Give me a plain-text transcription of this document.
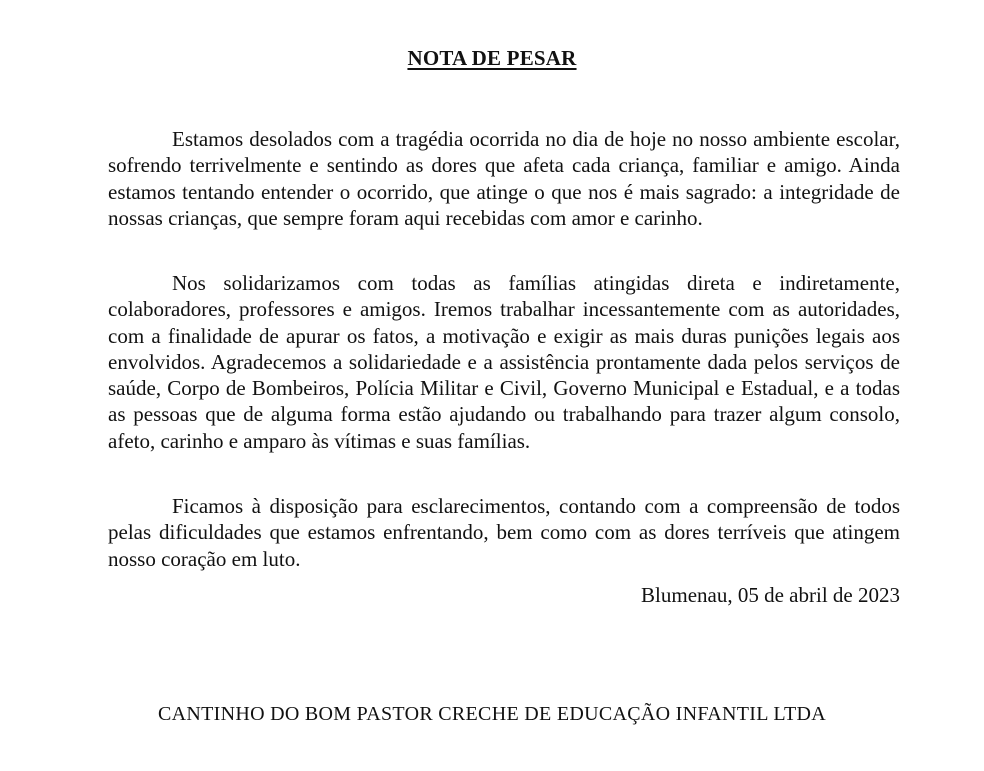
NOTA DE PESAR

Estamos desolados com a tragédia ocorrida no dia de hoje no nosso ambiente escolar, sofrendo terrivelmente e sentindo as dores que afeta cada criança, familiar e amigo. Ainda estamos tentando entender o ocorrido, que atinge o que nos é mais sagrado: a integridade de nossas crianças, que sempre foram aqui recebidas com amor e carinho.

Nos solidarizamos com todas as famílias atingidas direta e indiretamente, colaboradores, professores e amigos. Iremos trabalhar incessantemente com as autoridades, com a finalidade de apurar os fatos, a motivação e exigir as mais duras punições legais aos envolvidos. Agradecemos a solidariedade e a assistência prontamente dada pelos serviços de saúde, Corpo de Bombeiros, Polícia Militar e Civil, Governo Municipal e Estadual, e a todas as pessoas que de alguma forma estão ajudando ou trabalhando para trazer algum consolo, afeto, carinho e amparo às vítimas e suas famílias.

Ficamos à disposição para esclarecimentos, contando com a compreensão de todos pelas dificuldades que estamos enfrentando, bem como com as dores terríveis que atingem nosso coração em luto.

Blumenau, 05 de abril de 2023

CANTINHO DO BOM PASTOR CRECHE DE EDUCAÇÃO INFANTIL LTDA
